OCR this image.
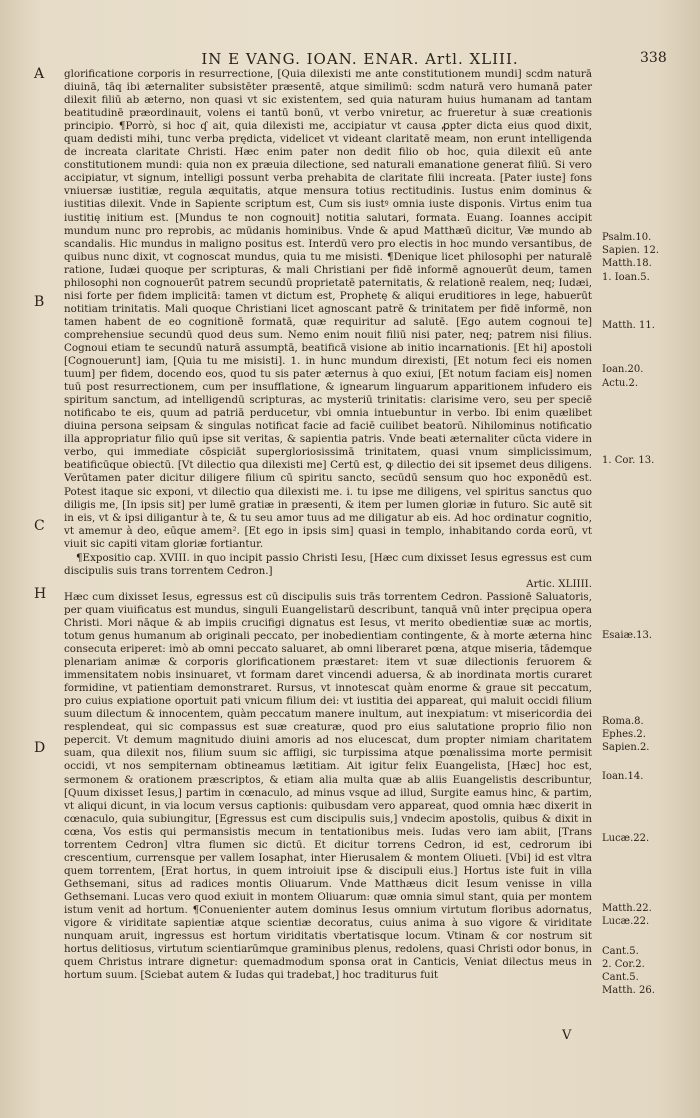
IN E VANG. IOAN. ENAR. Artl. XLIII.	338
A
B
C
H
D

glorificatione corporis in resurrectione, [Quia dilexisti me ante constitutionem mundi] scdm naturā diuinā, tāq ibi æternaliter subsistēter præsentē, atque similimū: scdm naturā vero humanā pater dilexit filiū ab æterno, non quasi vt sic existentem, sed quia naturam huius humanam ad tantam beatitudinē præordinauit, volens ei tantū bonū, vt verbo vniretur, ac frueretur à suæ creationis principio. ¶Porrò, si hoc ʠ ait, quia dilexisti me, accipiatur vt causa ꝓpter dicta eius quod dixit, quam dedisti mihi, tunc verba prędicta, videlicet vt videant claritatē meam, non erunt intelligenda de increata claritate Christi. Hæc enim pater non dedit filio ob hoc, quia dilexit eū ante constitutionem mundi: quia non ex præuia dilectione, sed naturali emanatione generat filiū. Si vero accipiatur, vt signum, intelligi possunt verba prehabita de claritate filii increata. [Pater iuste] fons vniuersæ iustitiæ, regula æquitatis, atque mensura totius rectitudinis. Iustus enim dominus & iustitias dilexit. Vnde in Sapiente scriptum est, Cum sis iustꝰ omnia iuste disponis. Virtus enim tua iustitię initium est. [Mundus te non cognouit] notitia salutari, formata. Euang. Ioannes accipit mundum nunc pro reprobis, ac mūdanis hominibus. Vnde & apud Matthæū dicitur, Væ mundo ab scandalis. Hic mundus in maligno positus est. Interdū vero pro electis in hoc mundo versantibus, de quibus nunc dixit, vt cognoscat mundus, quia tu me misisti. ¶Denique licet philosophi per naturalē ratione, Iudæi quoque per scripturas, & mali Christiani per fidē informē agnouerūt deum, tamen philosophi non cognouerūt patrem secundū proprietatē paternitatis, & relationē realem, neq; Iudæi, nisi forte per fidem implicitā: tamen vt dictum est, Prophetę & aliqui eruditiores in lege, habuerūt notitiam trinitatis. Mali quoque Christiani licet agnoscant patrē & trinitatem per fidē informē, non tamen habent de eo cognitionē formatā, quæ requiritur ad salutē. [Ego autem cognoui te] comprehensiue secundū quod deus sum. Nemo enim nouit filiū nisi pater, neq; patrem nisi filius. Cognoui etiam te secundū naturā assumptā, beatificā visione ab initio incarnationis. [Et hi] apostoli [Cognouerunt] iam, [Quia tu me misisti]. 1. in hunc mundum direxisti, [Et notum feci eis nomen tuum] per fidem, docendo eos, quod tu sis pater æternus à quo exiui, [Et notum faciam eis] nomen tuū post resurrectionem, cum per insufflatione, & ignearum linguarum apparitionem infudero eis spiritum sanctum, ad intelligendū scripturas, ac mysteriū trinitatis: clarisime vero, seu per speciē notificabo te eis, quum ad patriā perducetur, vbi omnia intuebuntur in verbo. Ibi enim quælibet diuina persona seipsam & singulas notificat facie ad faciē cuilibet beatorū. Nihilominus notificatio illa appropriatur filio quū ipse sit veritas, & sapientia patris. Vnde beati æternaliter cūcta videre in verbo, qui immediate cōspiciāt supergloriosissimā trinitatem, quasi vnum simplicissimum, beatificūque obiectū. [Vt dilectio qua dilexisti me] Certū est, ꝙ dilectio dei sit ipsemet deus diligens. Verūtamen pater dicitur diligere filium cū spiritu sancto, secūdū sensum quo hoc exponēdū est. Potest itaque sic exponi, vt dilectio qua dilexisti me. i. tu ipse me diligens, vel spiritus sanctus quo diligis me, [In ipsis sit] per lumē gratiæ in præsenti, & item per lumen gloriæ in futuro. Sic autē sit in eis, vt & ipsi diligantur à te, & tu seu amor tuus ad me diligatur ab eis. Ad hoc ordinatur cognitio, vt amemur à deo, eūque amem². [Et ego in ipsis sim] quasi in templo, inhabitando corda eorū, vt viuit sic capiti vitam gloriæ fortiantur.

¶Expositio cap. XVIII. in quo incipit passio Christi Iesu, [Hæc cum dixisset Iesus egressus est cum discipulis suis trans torrentem Cedron.]

Artic. XLIIII.

Hæc cum dixisset Iesus, egressus est cū discipulis suis trās torrentem Cedron. Passionē Saluatoris, per quam viuificatus est mundus, singuli Euangelistarū describunt, tanquā vnū inter pręcipua opera Christi. Mori nāque & ab impiis crucifigi dignatus est Iesus, vt merito obedientiæ suæ ac mortis, totum genus humanum ab originali peccato, per inobedientiam contingente, & à morte æterna hinc consecuta eriperet: imò ab omni peccato saluaret, ab omni liberaret pœna, atque miseria, tādemque plenariam animæ & corporis glorificationem præstaret: item vt suæ dilectionis feruorem & immensitatem nobis insinuaret, vt formam daret vincendi aduersa, & ab inordinata mortis curaret formidine, vt patientiam demonstraret. Rursus, vt innotescat quàm enorme & graue sit peccatum, pro cuius expiatione oportuit pati vnicum filium dei: vt iustitia dei appareat, qui maluit occidi filium suum dilectum & innocentem, quàm peccatum manere inultum, aut inexpiatum: vt misericordia dei resplendeat, qui sic compassus est suæ creaturæ, quod pro eius salutatione proprio filio non pepercit. Vt demum magnitudo diuini amoris ad nos elucescat, dum propter nimiam charitatem suam, qua dilexit nos, filium suum sic affligi, sic turpissima atque pœnalissima morte permisit occidi, vt nos sempiternam obtineamus lætitiam. Ait igitur felix Euangelista, [Hæc] hoc est, sermonem & orationem præscriptos, & etiam alia multa quæ ab aliis Euangelistis describuntur, [Quum dixisset Iesus,] partim in cœnaculo, ad minus vsque ad illud, Surgite eamus hinc, & partim, vt aliqui dicunt, in via locum versus captionis: quibusdam vero appareat, quod omnia hæc dixerit in cœnaculo, quia subiungitur, [Egressus est cum discipulis suis,] vndecim apostolis, quibus & dixit in cœna, Vos estis qui permansistis mecum in tentationibus meis. Iudas vero iam abiit, [Trans torrentem Cedron] vltra flumen sic dictū. Et dicitur torrens Cedron, id est, cedrorum ibi crescentium, currensque per vallem Iosaphat, inter Hierusalem & montem Oliueti. [Vbi] id est vltra quem torrentem, [Erat hortus, in quem introiuit ipse & discipuli eius.] Hortus iste fuit in villa Gethsemani, situs ad radices montis Oliuarum. Vnde Matthæus dicit Iesum venisse in villa Gethsemani. Lucas vero quod exiuit in montem Oliuarum: quæ omnia simul stant, quia per montem istum venit ad hortum. ¶Conuenienter autem dominus Iesus omnium virtutum floribus adornatus, vigore & viriditate sapientiæ atque scientiæ decoratus, cuius anima à suo vigore & viriditate nunquam aruit, ingressus est hortum viriditatis vbertatisque locum. Vtinam & cor nostrum sit hortus delitiosus, virtutum scientiarūmque graminibus plenus, redolens, quasi Christi odor bonus, in quem Christus intrare dignetur: quemadmodum sponsa orat in Canticis, Veniat dilectus meus in hortum suum. [Sciebat autem & Iudas qui tradebat,] hoc traditurus fuit

Psalm.10.
Sapien. 12.
Matth.18.
1. Ioan.5.
Matth. 11.
Ioan.20.
Actu.2.
1. Cor. 13.
Esaiæ.13.
Roma.8.
Ephes.2.
Sapien.2.
Ioan.14.
Lucæ.22.
Matth.22.
Lucæ.22.
Cant.5.
2. Cor.2.
Cant.5.
Matth. 26.
V
